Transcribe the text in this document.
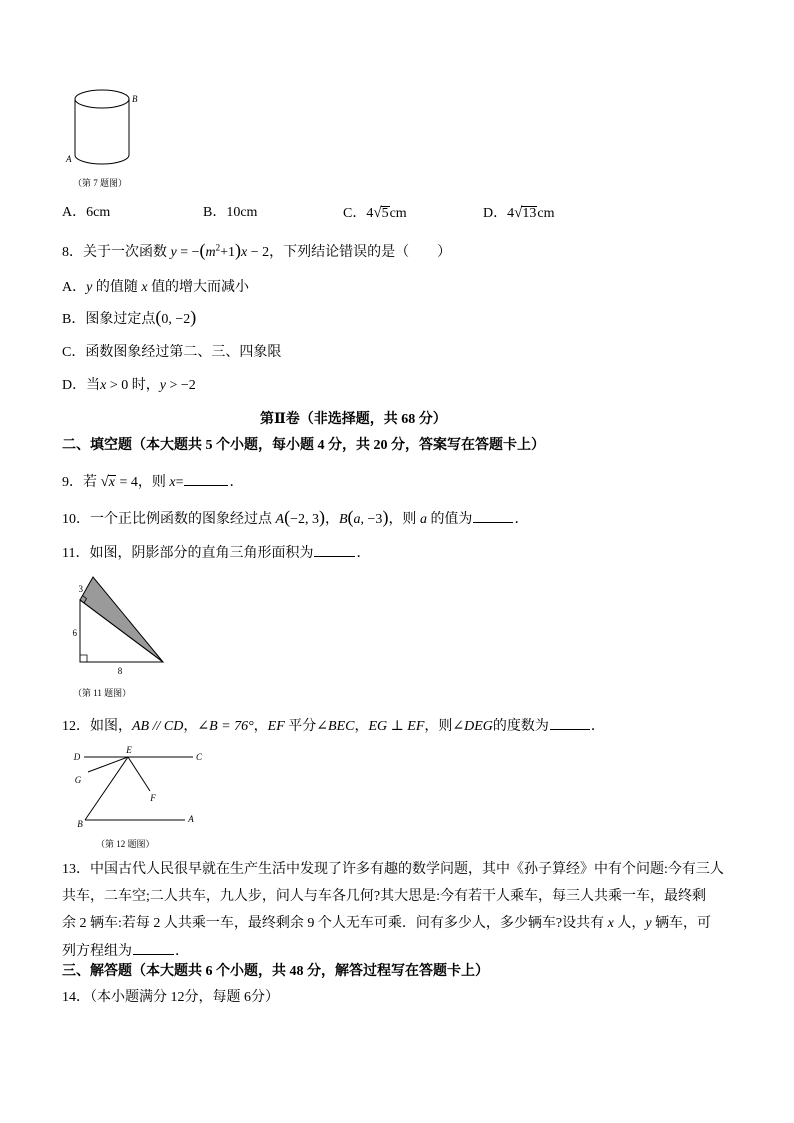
B
A
（第 7 题图）
A．6cm	B．10cm	C．4√5cm	D．4√13cm
8．关于一次函数 $y = -(m^2+1)x - 2$，下列结论错误的是（　　）
A．y 的值随 x 值的增大而减小
B．图象过定点(0, −2)
C．函数图象经过第二、三、四象限
D．当x > 0 时，y > −2
第Ⅱ卷（非选择题，共 68 分）
二、填空题（本大题共 5 个小题，每小题 4 分，共 20 分，答案写在答题卡上）
9．若 √x = 4，则 x=	．
10．一个正比例函数的图象经过点 A(−2, 3)，B(a, −3)，则 a 的值为	．
11．如图，阴影部分的直角三角形面积为	．
3
6
8
（第 11 题图）
12．如图，AB // CD，∠B = 76°，EF 平分∠BEC，EG ⊥ EF，则∠DEG的度数为	．
D
E
C
G
F
B	A
（第 12 题图）
13．中国古代人民很早就在生产生活中发现了许多有趣的数学问题，其中《孙子算经》中有个问题:今有三人
共车，二车空;二人共车，九人步，问人与车各几何?其大思是:今有若干人乘车，每三人共乘一车，最终剩
余 2 辆车:若每 2 人共乘一车，最终剩余 9 个人无车可乘．问有多少人，多少辆车?设共有 x 人，y 辆车，可
列方程组为	．
三、解答题（本大题共 6 个小题，共 48 分，解答过程写在答题卡上）
14．（本小题满分 12分，每题 6分）
